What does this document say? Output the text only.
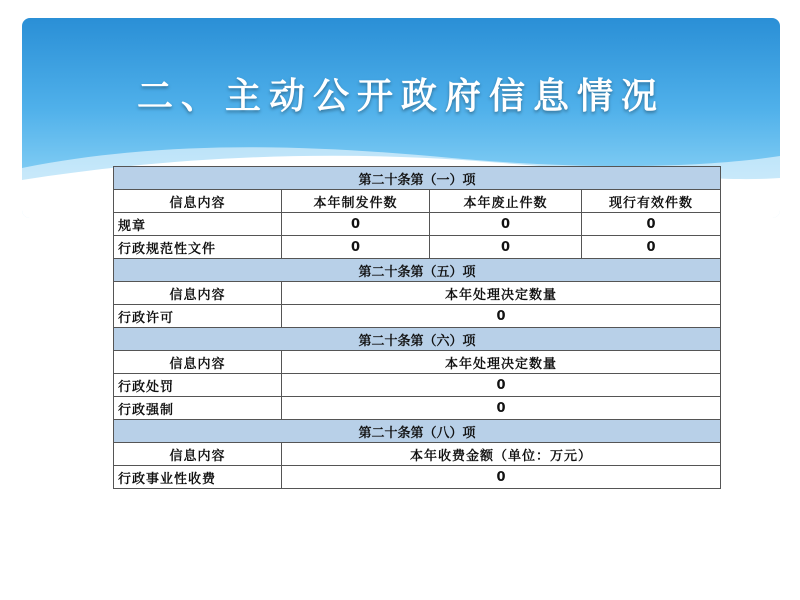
二、主动公开政府信息情况
第二十条第（一）项			
信息内容	本年制发件数	本年废止件数	现行有效件数
规章	0	0	0
行政规范性文件	0	0	0
第二十条第（五）项			
信息内容	本年处理决定数量		
行政许可	0		
第二十条第（六）项			
信息内容	本年处理决定数量		
行政处罚	0		
行政强制	0		
第二十条第（八）项			
信息内容	本年收费金额（单位：万元）		
行政事业性收费	0		
